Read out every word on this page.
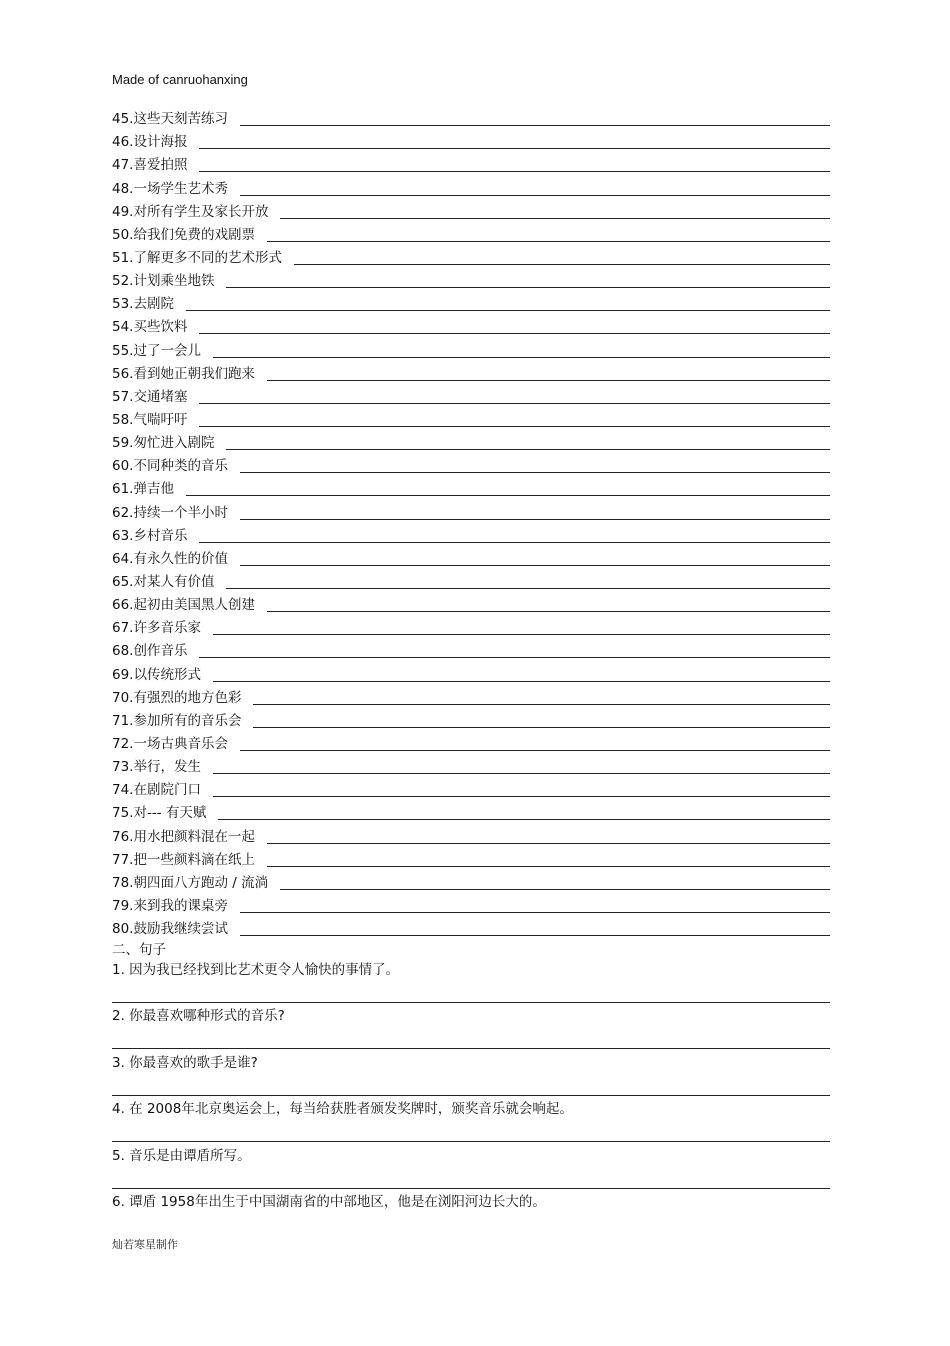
Made of canruohanxing
45. 这些天刻苦练习
46. 设计海报
47. 喜爱拍照
48. 一场学生艺术秀
49. 对所有学生及家长开放
50. 给我们免费的戏剧票
51. 了解更多不同的艺术形式
52. 计划乘坐地铁
53. 去剧院
54. 买些饮料
55. 过了一会儿
56. 看到她正朝我们跑来
57. 交通堵塞
58. 气喘吁吁
59. 匆忙进入剧院
60. 不同种类的音乐
61. 弹吉他
62. 持续一个半小时
63. 乡村音乐
64. 有永久性的价值
65. 对某人有价值
66. 起初由美国黑人创建
67. 许多音乐家
68. 创作音乐
69. 以传统形式
70. 有强烈的地方色彩
71. 参加所有的音乐会
72. 一场古典音乐会
73. 举行，发生
74. 在剧院门口
75. 对--- 有天赋
76. 用水把颜料混在一起
77. 把一些颜料滴在纸上
78. 朝四面八方跑动 / 流淌
79. 来到我的课桌旁
80. 鼓励我继续尝试
二、句子
1. 因为我已经找到比艺术更令人愉快的事情了。
2. 你最喜欢哪种形式的音乐?
3. 你最喜欢的歌手是谁?
4. 在 2008年北京奥运会上，每当给获胜者颁发奖牌时，颁奖音乐就会响起。
5. 音乐是由谭盾所写。
6. 谭盾 1958年出生于中国湖南省的中部地区，他是在浏阳河边长大的。
灿若寒星制作
